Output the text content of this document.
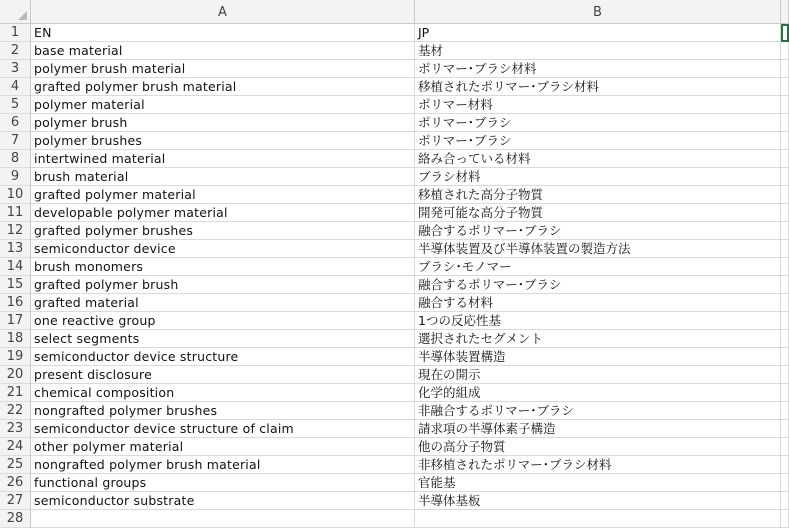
A	B
1	EN	JP
2	base material	基材
3	polymer brush material	ポリマー･ブラシ材料
4	grafted polymer brush material	移植されたポリマー･ブラシ材料
5	polymer material	ポリマー材料
6	polymer brush	ポリマー･ブラシ
7	polymer brushes	ポリマー･ブラシ
8	intertwined material	絡み合っている材料
9	brush material	ブラシ材料
10 grafted polymer material	移植された高分子物質
11 developable polymer material	開発可能な高分子物質
12 grafted polymer brushes	融合するポリマー･ブラシ
13 semiconductor device	半導体装置及び半導体装置の製造方法
14 brush monomers	ブラシ･モノマー
15 grafted polymer brush	融合するポリマー･ブラシ
16 grafted material	融合する材料
17 one reactive group	1つの反応性基
18 select segments	選択されたセグメント
19 semiconductor device structure	半導体装置構造
20 present disclosure	現在の開示
21 chemical composition	化学的組成
22 nongrafted polymer brushes	非融合するポリマー･ブラシ
23 semiconductor device structure of claim	請求項の半導体素子構造
24 other polymer material	他の高分子物質
25 nongrafted polymer brush material	非移植されたポリマー･ブラシ材料
26 functional groups	官能基
27 semiconductor substrate	半導体基板
28
